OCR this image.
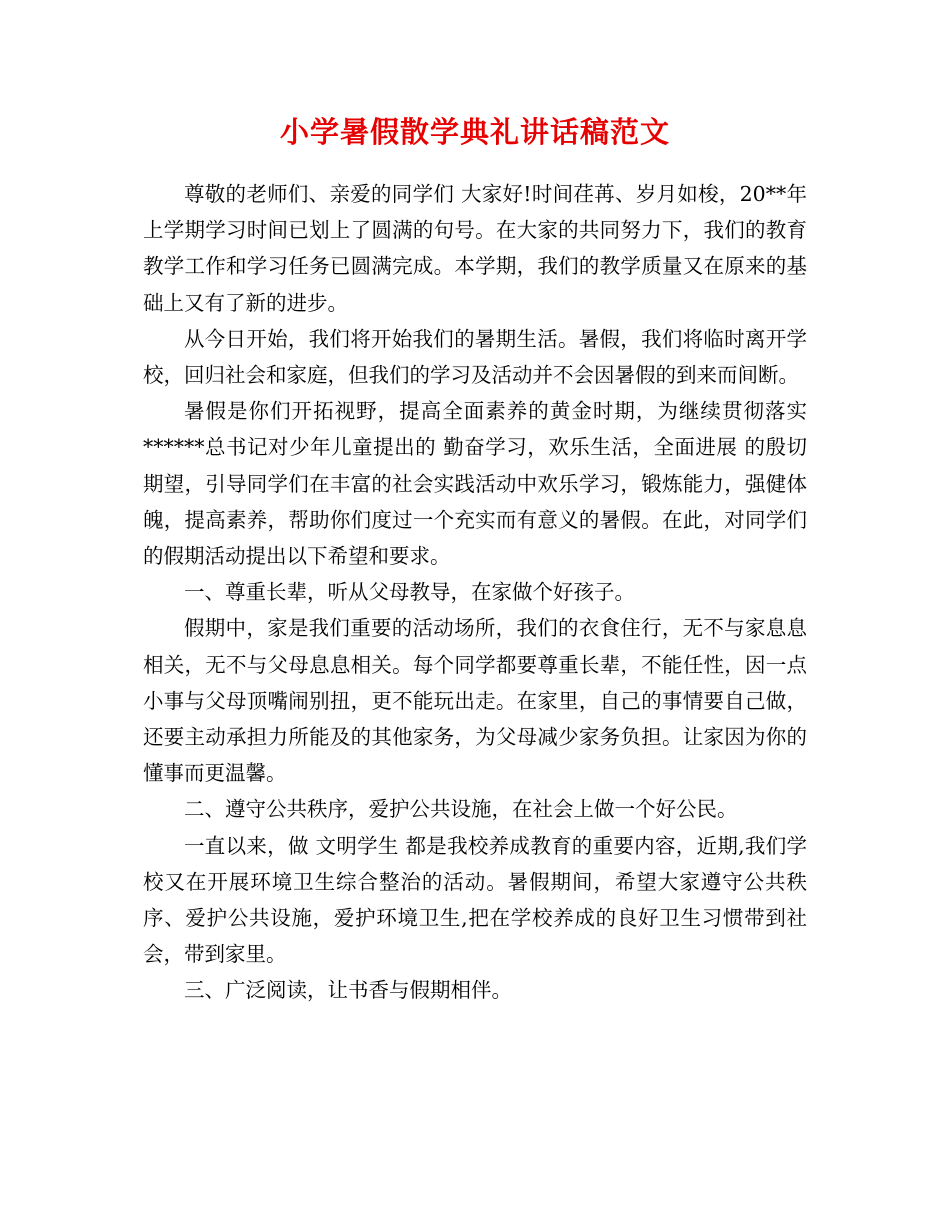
小学暑假散学典礼讲话稿范文

尊敬的老师们、亲爱的同学们 大家好!时间荏苒、岁月如梭，20**年上学期学习时间已划上了圆满的句号。在大家的共同努力下，我们的教育教学工作和学习任务已圆满完成。本学期，我们的教学质量又在原来的基础上又有了新的进步。

从今日开始，我们将开始我们的暑期生活。暑假，我们将临时离开学校，回归社会和家庭，但我们的学习及活动并不会因暑假的到来而间断。

暑假是你们开拓视野，提高全面素养的黄金时期，为继续贯彻落实******总书记对少年儿童提出的 勤奋学习，欢乐生活，全面进展 的殷切期望，引导同学们在丰富的社会实践活动中欢乐学习，锻炼能力，强健体魄，提高素养，帮助你们度过一个充实而有意义的暑假。在此，对同学们的假期活动提出以下希望和要求。

一、尊重长辈，听从父母教导，在家做个好孩子。

假期中，家是我们重要的活动场所，我们的衣食住行，无不与家息息相关，无不与父母息息相关。每个同学都要尊重长辈，不能任性，因一点小事与父母顶嘴闹别扭，更不能玩出走。在家里，自己的事情要自己做，还要主动承担力所能及的其他家务，为父母减少家务负担。让家因为你的懂事而更温馨。

二、遵守公共秩序，爱护公共设施，在社会上做一个好公民。

一直以来，做 文明学生 都是我校养成教育的重要内容，近期,我们学校又在开展环境卫生综合整治的活动。暑假期间，希望大家遵守公共秩序、爱护公共设施，爱护环境卫生,把在学校养成的良好卫生习惯带到社会，带到家里。

三、广泛阅读，让书香与假期相伴。
